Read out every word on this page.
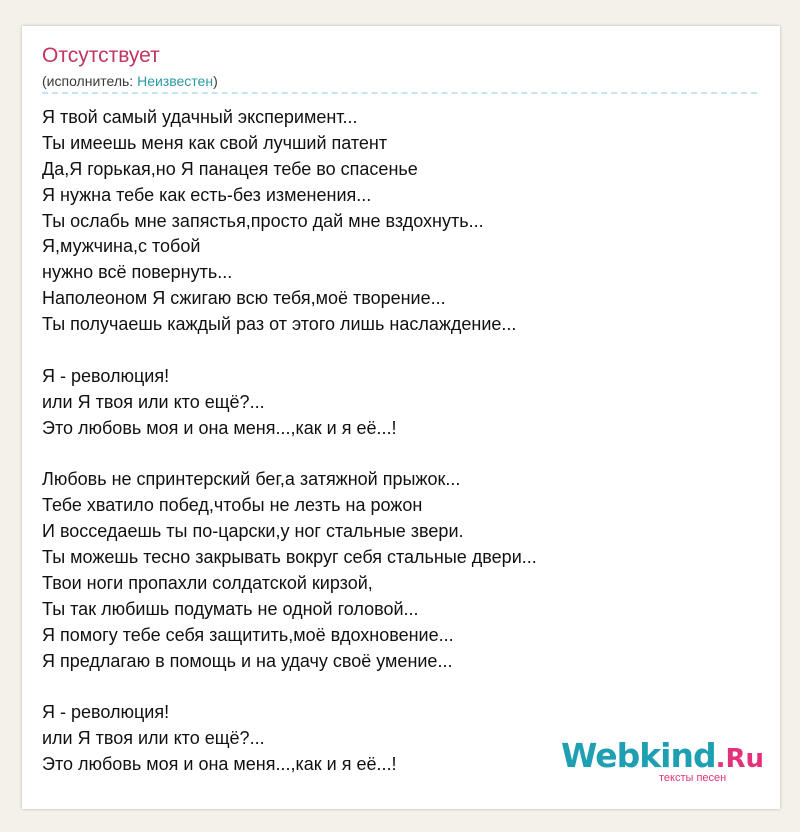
Отсутствует
(исполнитель: Неизвестен)
Я твой самый удачный эксперимент...
Ты имеешь меня как свой лучший патент
Да,Я горькая,но Я панацея тебе во спасенье
Я нужна тебе как есть-без изменения...
Ты ослабь мне запястья,просто дай мне вздохнуть...
Я,мужчина,с тобой
нужно всё повернуть...
Наполеоном Я сжигаю всю тебя,моё творение...
Ты получаешь каждый раз от этого лишь наслаждение...
Я - революция!
или Я твоя или кто ещё?...
Это любовь моя и она меня...,как и я её...!
Любовь не спринтерский бег,а затяжной прыжок...
Тебе хватило побед,чтобы не лезть на рожон
И восседаешь ты по-царски,у ног стальные звери.
Ты можешь тесно закрывать вокруг себя стальные двери...
Твои ноги пропахли солдатской кирзой,
Ты так любишь подумать не одной головой...
Я помогу тебе себя защитить,моё вдохновение...
Я предлагаю в помощь и на удачу своё умение...
Я - революция!
или Я твоя или кто ещё?...
Это любовь моя и она меня...,как и я её...!	Webkind.Ru
тексты песен
